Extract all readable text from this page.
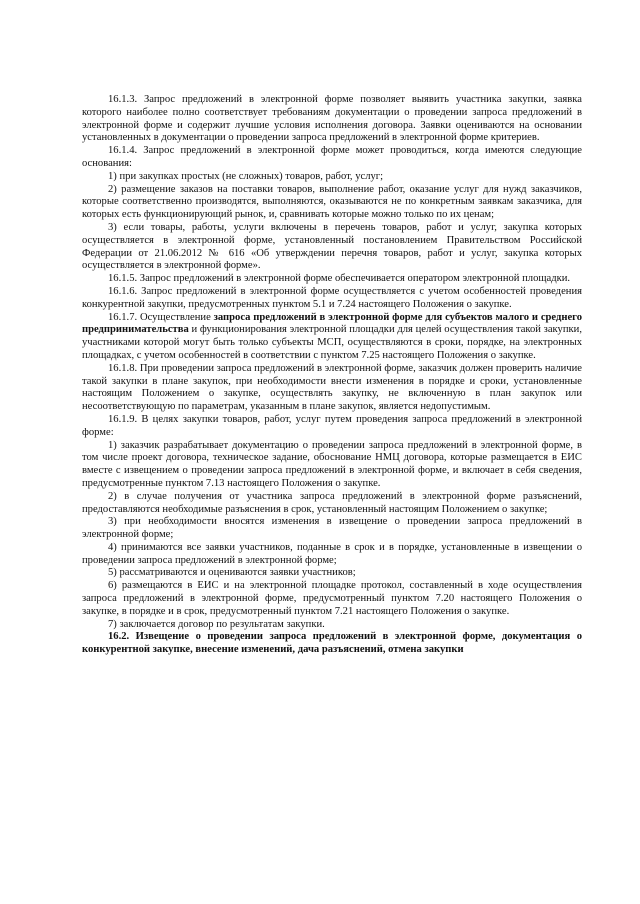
16.1.3. Запрос предложений в электронной форме позволяет выявить участника закупки, заявка которого наиболее полно соответствует требованиям документации о проведении запроса предложений в электронной форме и содержит лучшие условия исполнения договора. Заявки оцениваются на основании установленных в документации о проведении запроса предложений в электронной форме критериев.

16.1.4. Запрос предложений в электронной форме может проводиться, когда имеются следующие основания:

1) при закупках простых (не сложных) товаров, работ, услуг;

2) размещение заказов на поставки товаров, выполнение работ, оказание услуг для нужд заказчиков, которые соответственно производятся, выполняются, оказываются не по конкретным заявкам заказчика, для которых есть функционирующий рынок, и, сравнивать которые можно только по их ценам;

3) если товары, работы, услуги включены в перечень товаров, работ и услуг, закупка которых осуществляется в электронной форме, установленный постановлением Правительством Российской Федерации от 21.06.2012 № 616 «Об утверждении перечня товаров, работ и услуг, закупка которых осуществляется в электронной форме».

16.1.5. Запрос предложений в электронной форме обеспечивается оператором электронной площадки.

16.1.6. Запрос предложений в электронной форме осуществляется с учетом особенностей проведения конкурентной закупки, предусмотренных пунктом 5.1 и 7.24 настоящего Положения о закупке.

16.1.7. Осуществление запроса предложений в электронной форме для субъектов малого и среднего предпринимательства и функционирования электронной площадки для целей осуществления такой закупки, участниками которой могут быть только субъекты МСП, осуществляются в сроки, порядке, на электронных площадках, с учетом особенностей в соответствии с пунктом 7.25 настоящего Положения о закупке.

16.1.8. При проведении запроса предложений в электронной форме, заказчик должен проверить наличие такой закупки в плане закупок, при необходимости внести изменения в порядке и сроки, установленные настоящим Положением о закупке, осуществлять закупку, не включенную в план закупок или несоответствующую по параметрам, указанным в плане закупок, является недопустимым.

16.1.9. В целях закупки товаров, работ, услуг путем проведения запроса предложений в электронной форме:

1) заказчик разрабатывает документацию о проведении запроса предложений в электронной форме, в том числе проект договора, техническое задание, обоснование НМЦ договора, которые размещается в ЕИС вместе с извещением о проведении запроса предложений в электронной форме, и включает в себя сведения, предусмотренные пунктом 7.13 настоящего Положения о закупке.

2) в случае получения от участника запроса предложений в электронной форме разъяснений, предоставляются необходимые разъяснения в срок, установленный настоящим Положением о закупке;

3) при необходимости вносятся изменения в извещение о проведении запроса предложений в электронной форме;

4) принимаются все заявки участников, поданные в срок и в порядке, установленные в извещении о проведении запроса предложений в электронной форме;

5) рассматриваются и оцениваются заявки участников;

6) размещаются в ЕИС и на электронной площадке протокол, составленный в ходе осуществления запроса предложений в электронной форме, предусмотренный пунктом 7.20 настоящего Положения о закупке, в порядке и в срок, предусмотренный пунктом 7.21 настоящего Положения о закупке.

7) заключается договор по результатам закупки.

16.2. Извещение о проведении запроса предложений в электронной форме, документация о конкурентной закупке, внесение изменений, дача разъяснений, отмена закупки
